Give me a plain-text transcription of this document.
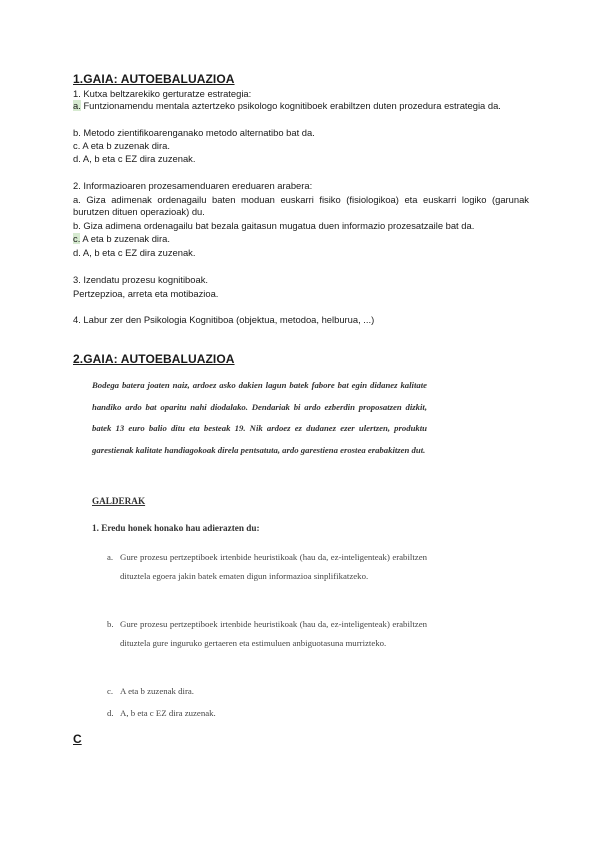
1.GAIA: AUTOEBALUAZIOA
1. Kutxa beltzarekiko gerturatze estrategia:
a. Funtzionamendu mentala aztertzeko psikologo kognitiboek erabiltzen duten prozedura estrategia da.
b. Metodo zientifikoarenganako metodo alternatibo bat da.
c. A eta b zuzenak dira.
d. A, b eta c EZ dira zuzenak.
2. Informazioaren prozesamenduaren ereduaren arabera:
a. Giza adimenak ordenagailu baten moduan euskarri fisiko (fisiologikoa) eta euskarri logiko (garunak burutzen dituen operazioak) du.
b. Giza adimena ordenagailu bat bezala gaitasun mugatua duen informazio prozesatzaile bat da.
c. A eta b zuzenak dira.
d. A, b eta c EZ dira zuzenak.
3. Izendatu prozesu kognitiboak.
Pertzepzioa, arreta eta motibazioa.
4. Labur zer den Psikologia Kognitiboa (objektua, metodoa, helburua, ...)
2.GAIA: AUTOEBALUAZIOA
Bodega batera joaten naiz, ardoez asko dakien lagun batek fabore bat egin didanez kalitate handiko ardo bat oparitu nahi diodalako. Dendariak bi ardo ezberdin proposatzen dizkit, batek 13 euro balio ditu eta besteak 19. Nik ardoez ez dudanez ezer ulertzen, produktu garestienak kalitate handiagokoak direla pentsatuta, ardo garestiena erostea erabakitzen dut.
GALDERAK
1. Eredu honek honako hau adierazten du:
a. Gure prozesu pertzeptiboek irtenbide heuristikoak (hau da, ez-inteligenteak) erabiltzen dituztela egoera jakin batek ematen digun informazioa sinplifikatzeko.
b. Gure prozesu pertzeptiboek irtenbide heuristikoak (hau da, ez-inteligenteak) erabiltzen dituztela gure inguruko gertaeren eta estimuluen anbiguotasuna murrizteko.
c. A eta b zuzenak dira.
d. A, b eta c EZ dira zuzenak.
C
